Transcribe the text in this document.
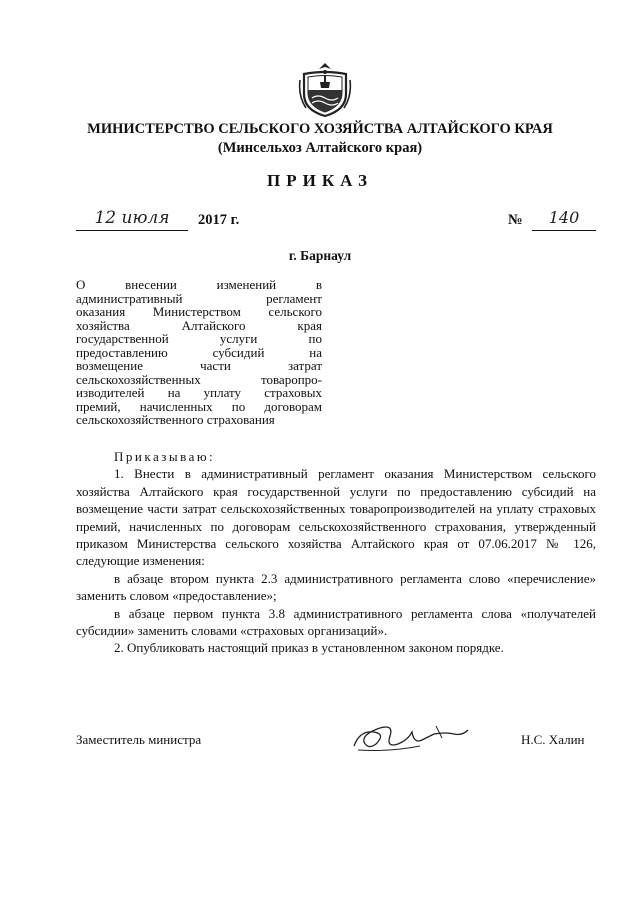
МИНИСТЕРСТВО СЕЛЬСКОГО ХОЗЯЙСТВА АЛТАЙСКОГО КРАЯ
(Минсельхоз Алтайского края)
ПРИКАЗ
12 июля	2017 г.	№	140
г. Барнаул
О внесении изменений в
административный регламент
оказания Министерством сельского
хозяйства Алтайского края
государственной услуги по
предоставлению субсидий на
возмещение части затрат
сельскохозяйственных товаропро-
изводителей на уплату страховых
премий, начисленных по договорам
сельскохозяйственного страхования
Приказываю:

1. Внести в административный регламент оказания Министерством сельского хозяйства Алтайского края государственной услуги по предоставлению субсидий на возмещение части затрат сельскохозяйственных товаропроизводителей на уплату страховых премий, начисленных по договорам сельскохозяйственного страхования, утвержденный приказом Министерства сельского хозяйства Алтайского края от 07.06.2017 № 126, следующие изменения:

в абзаце втором пункта 2.3 административного регламента слово «перечисление» заменить словом «предоставление»;

в абзаце первом пункта 3.8 административного регламента слова «получателей субсидии» заменить словами «страховых организаций».

2. Опубликовать настоящий приказ в установленном законом порядке.

Заместитель министра	Н.С. Халин
